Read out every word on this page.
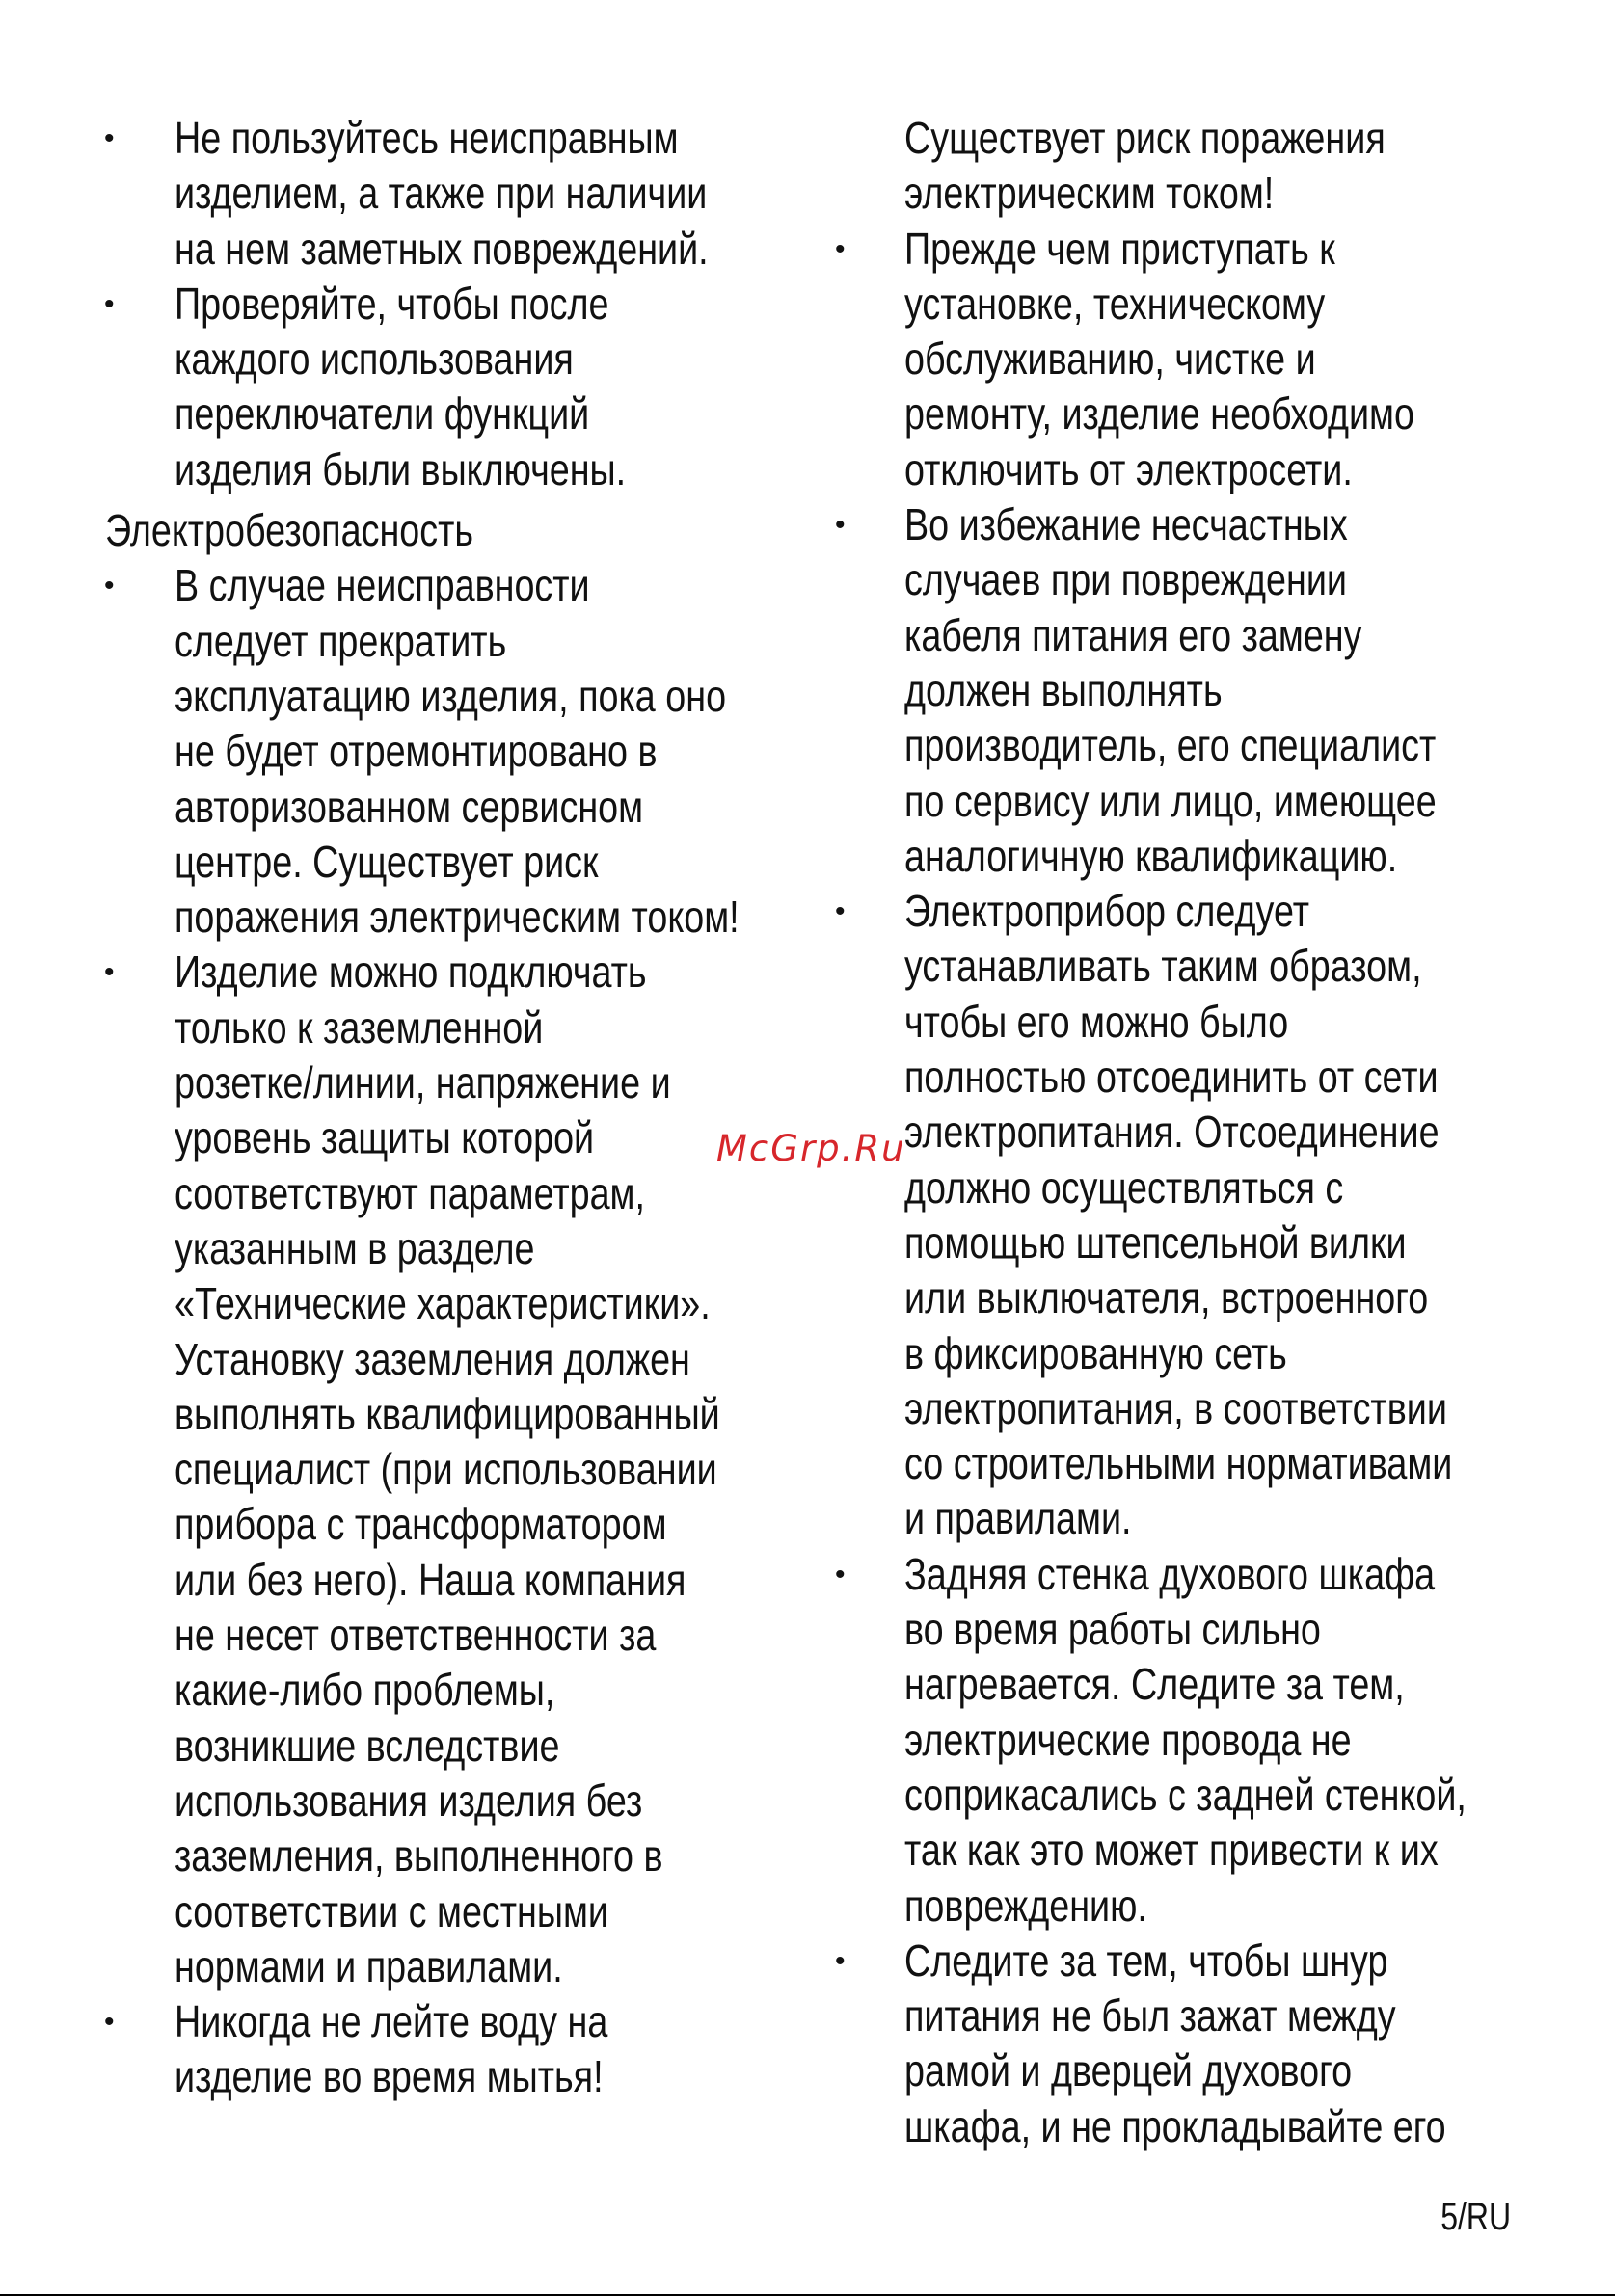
•	Не пользуйтесь неисправным
изделием, а также при наличии
на нем заметных повреждений.
•	Проверяйте, чтобы после
каждого использования
переключатели функций
изделия были выключены.
Электробезопасность
•	В случае неисправности
следует прекратить
эксплуатацию изделия, пока оно
не будет отремонтировано в
авторизованном сервисном
центре. Существует риск
поражения электрическим током!
•	Изделие можно подключать
только к заземленной
розетке/линии, напряжение и
уровень защиты которой
соответствуют параметрам,
указанным в разделе
«Технические характеристики».
Установку заземления должен
выполнять квалифицированный
специалист (при использовании
прибора с трансформатором
или без него). Наша компания
не несет ответственности за
какие-либо проблемы,
возникшие вследствие
использования изделия без
заземления, выполненного в
соответствии с местными
нормами и правилами.
•	Никогда не лейте воду на
изделие во время мытья!
Существует риск поражения
электрическим током!
•	Прежде чем приступать к
установке, техническому
обслуживанию, чистке и
ремонту, изделие необходимо
отключить от электросети.
•	Во избежание несчастных
случаев при повреждении
кабеля питания его замену
должен выполнять
производитель, его специалист
по сервису или лицо, имеющее
аналогичную квалификацию.
•	Электроприбор следует
устанавливать таким образом,
чтобы его можно было
полностью отсоединить от сети
электропитания. Отсоединение
должно осуществляться с
помощью штепсельной вилки
или выключателя, встроенного
в фиксированную сеть
электропитания, в соответствии
со строительными нормативами
и правилами.
•	Задняя стенка духового шкафа
во время работы сильно
нагревается. Следите за тем,
электрические провода не
соприкасались с задней стенкой,
так как это может привести к их
повреждению.
•	Следите за тем, чтобы шнур
питания не был зажат между
рамой и дверцей духового
шкафа, и не прокладывайте его
McGrp.Ru
5/RU
